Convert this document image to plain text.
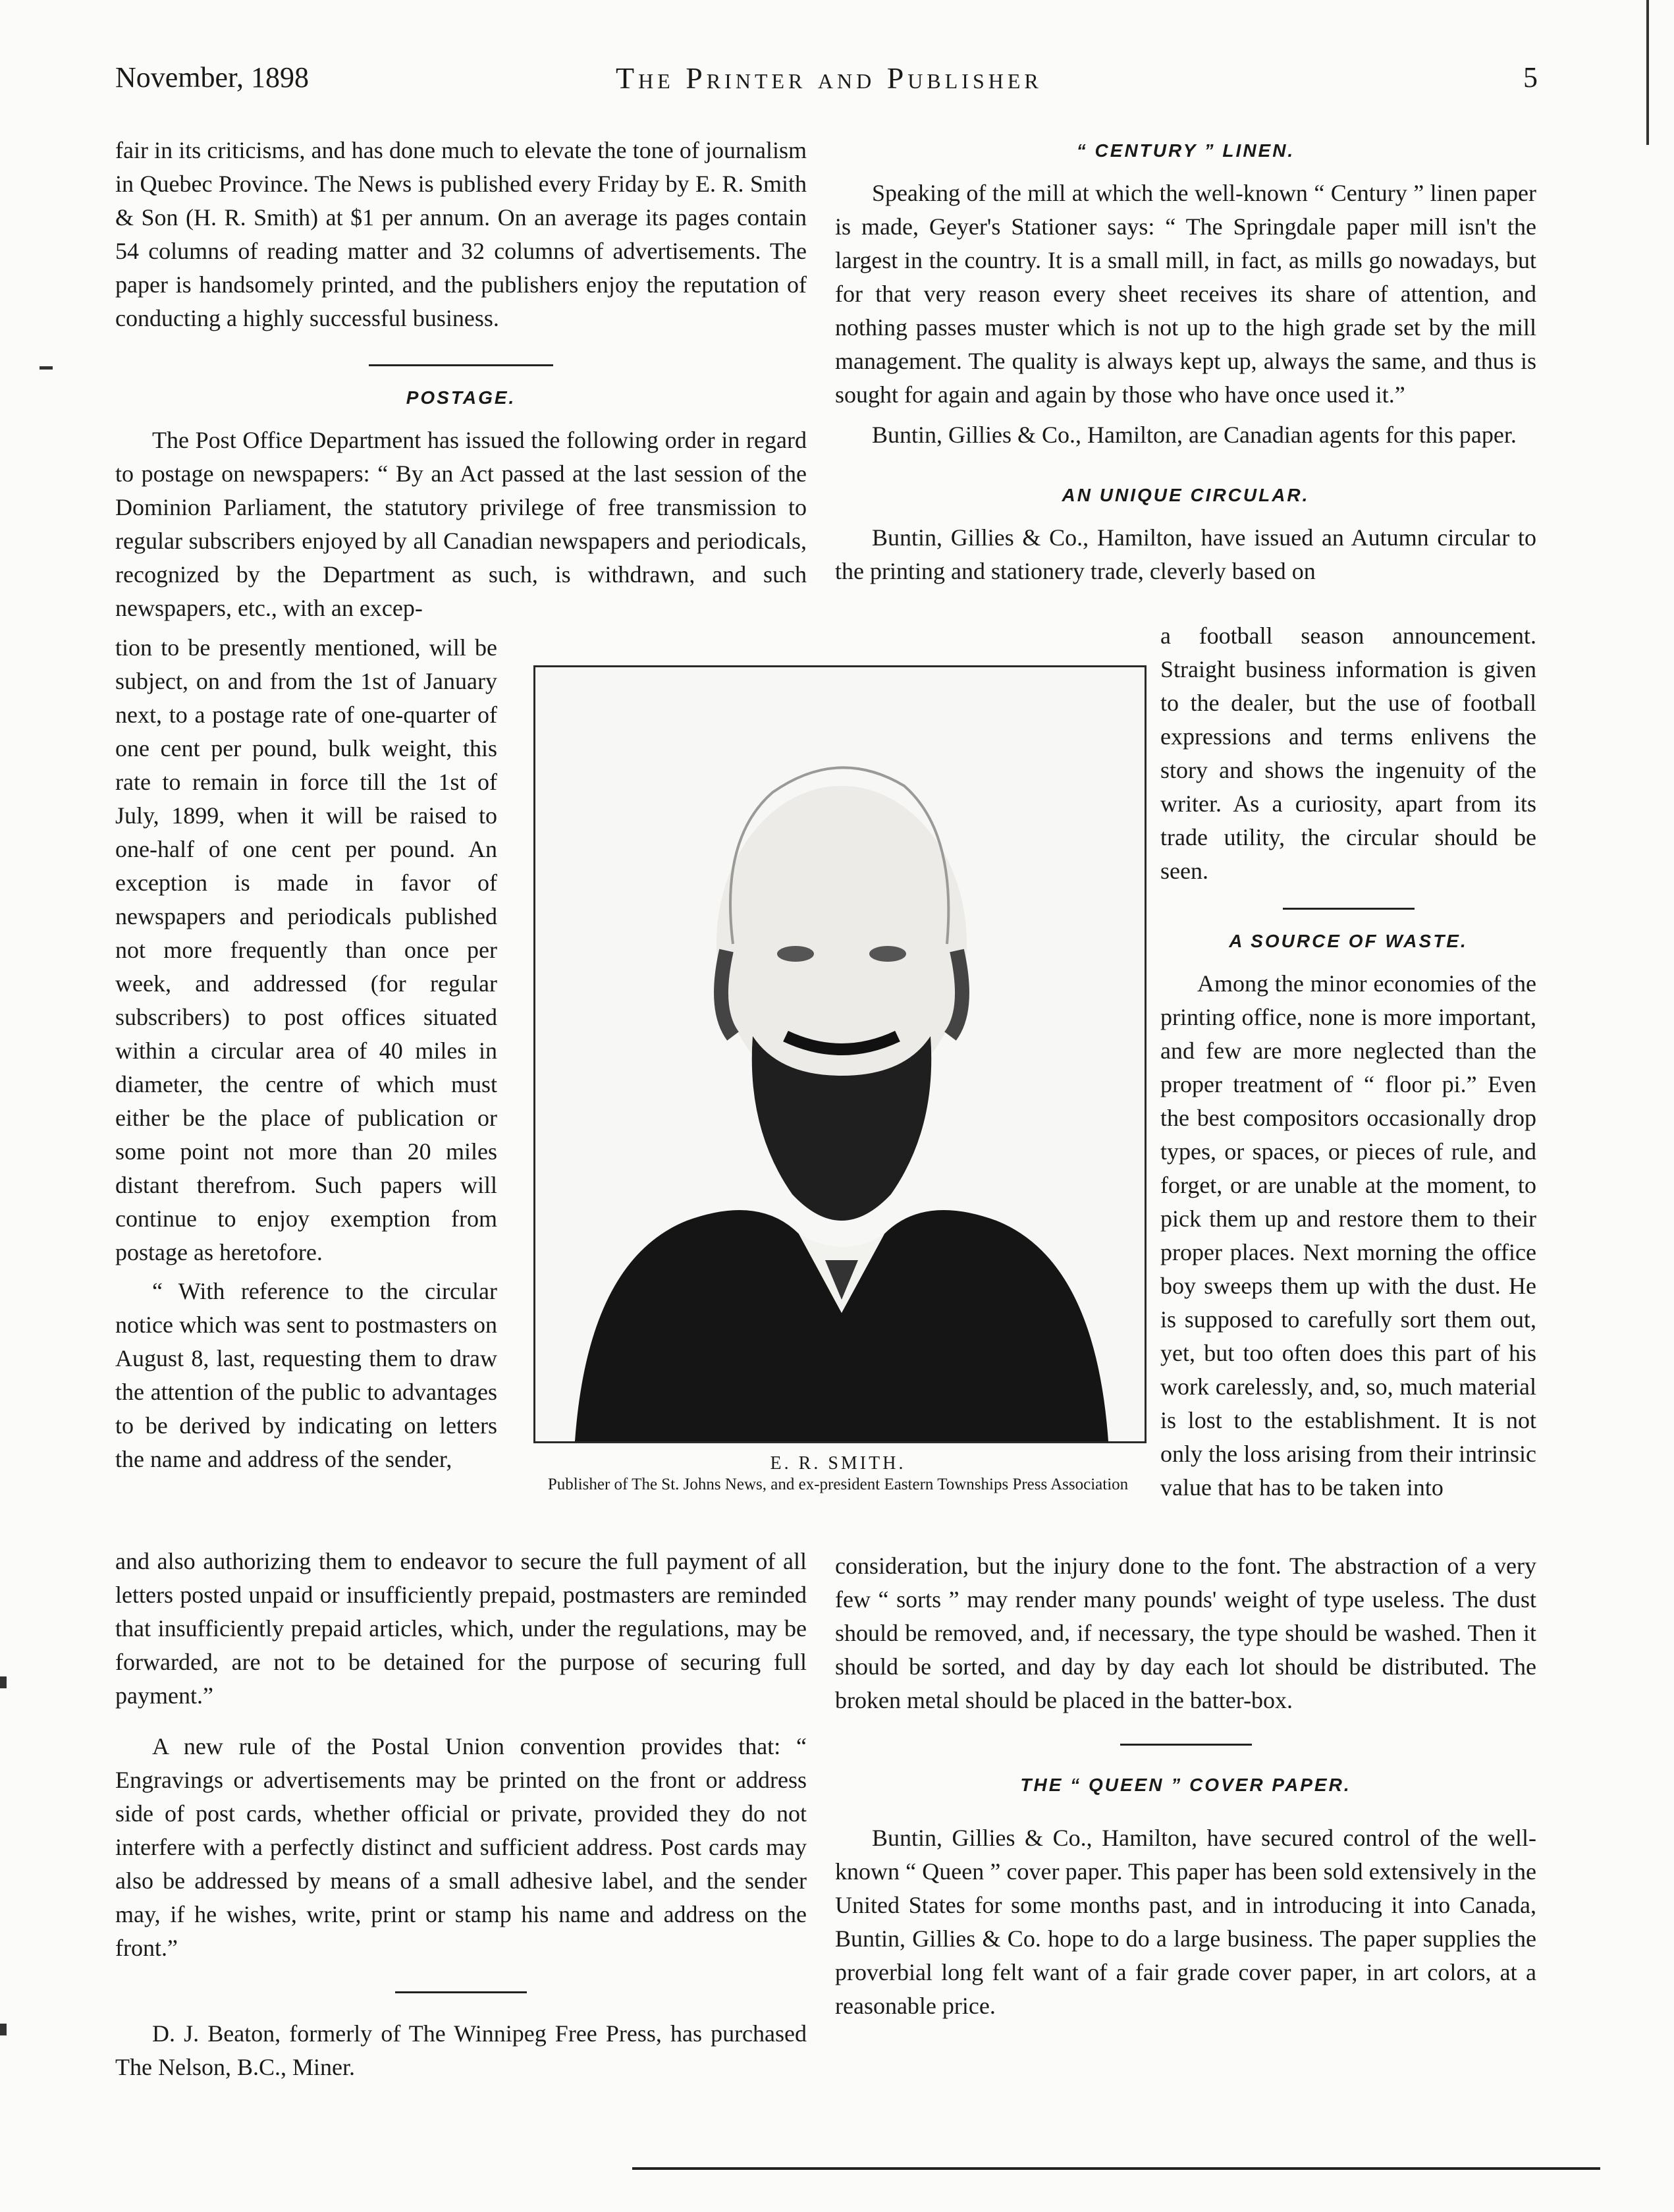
November, 1898	The Printer and Publisher	5

fair in its criticisms, and has done much to elevate the tone of journalism in Quebec Province. The News is published every Friday by E. R. Smith & Son (H. R. Smith) at $1 per annum. On an average its pages contain 54 columns of reading matter and 32 columns of advertisements. The paper is handsomely printed, and the publishers enjoy the reputation of conducting a highly successful business.

POSTAGE.

The Post Office Department has issued the following order in regard to postage on newspapers: “ By an Act passed at the last session of the Dominion Parliament, the statutory privilege of free transmission to regular subscribers enjoyed by all Canadian newspapers and periodicals, recognized by the Department as such, is withdrawn, and such newspapers, etc., with an excep-

tion to be presently mentioned, will be subject, on and from the 1st of January next, to a postage rate of one-quarter of one cent per pound, bulk weight, this rate to remain in force till the 1st of July, 1899, when it will be raised to one-half of one cent per pound. An exception is made in favor of newspapers and periodicals published not more frequently than once per week, and addressed (for regular subscribers) to post offices situated within a circular area of 40 miles in diameter, the centre of which must either be the place of publication or some point not more than 20 miles distant therefrom. Such papers will continue to enjoy exemption from postage as heretofore.

“ With reference to the circular notice which was sent to postmasters on August 8, last, requesting them to draw the attention of the public to advantages to be derived by indicating on letters the name and address of the sender,

and also authorizing them to endeavor to secure the full payment of all letters posted unpaid or insufficiently prepaid, postmasters are reminded that insufficiently prepaid articles, which, under the regulations, may be forwarded, are not to be detained for the purpose of securing full payment.”

A new rule of the Postal Union convention provides that: “ Engravings or advertisements may be printed on the front or address side of post cards, whether official or private, provided they do not interfere with a perfectly distinct and sufficient address. Post cards may also be addressed by means of a small adhesive label, and the sender may, if he wishes, write, print or stamp his name and address on the front.”

D. J. Beaton, formerly of The Winnipeg Free Press, has purchased The Nelson, B.C., Miner.

E. R. SMITH.
Publisher of The St. Johns News, and ex-president Eastern Townships Press Association

“ CENTURY ” LINEN.

Speaking of the mill at which the well-known “ Century ” linen paper is made, Geyer's Stationer says: “ The Springdale paper mill isn't the largest in the country. It is a small mill, in fact, as mills go nowadays, but for that very reason every sheet receives its share of attention, and nothing passes muster which is not up to the high grade set by the mill management. The quality is always kept up, always the same, and thus is sought for again and again by those who have once used it.”

Buntin, Gillies & Co., Hamilton, are Canadian agents for this paper.

AN UNIQUE CIRCULAR.

Buntin, Gillies & Co., Hamilton, have issued an Autumn circular to the printing and stationery trade, cleverly based on

a football season announcement. Straight business information is given to the dealer, but the use of football expressions and terms enlivens the story and shows the ingenuity of the writer. As a curiosity, apart from its trade utility, the circular should be seen.

A SOURCE OF WASTE.

Among the minor economies of the printing office, none is more important, and few are more neglected than the proper treatment of “ floor pi.” Even the best compositors occasionally drop types, or spaces, or pieces of rule, and forget, or are unable at the moment, to pick them up and restore them to their proper places. Next morning the office boy sweeps them up with the dust. He is supposed to carefully sort them out, yet, but too often does this part of his work carelessly, and, so, much material is lost to the establishment. It is not only the loss arising from their intrinsic value that has to be taken into

consideration, but the injury done to the font. The abstraction of a very few “ sorts ” may render many pounds' weight of type useless. The dust should be removed, and, if necessary, the type should be washed. Then it should be sorted, and day by day each lot should be distributed. The broken metal should be placed in the batter-box.

THE “ QUEEN ” COVER PAPER.

Buntin, Gillies & Co., Hamilton, have secured control of the well-known “ Queen ” cover paper. This paper has been sold extensively in the United States for some months past, and in introducing it into Canada, Buntin, Gillies & Co. hope to do a large business. The paper supplies the proverbial long felt want of a fair grade cover paper, in art colors, at a reasonable price.
